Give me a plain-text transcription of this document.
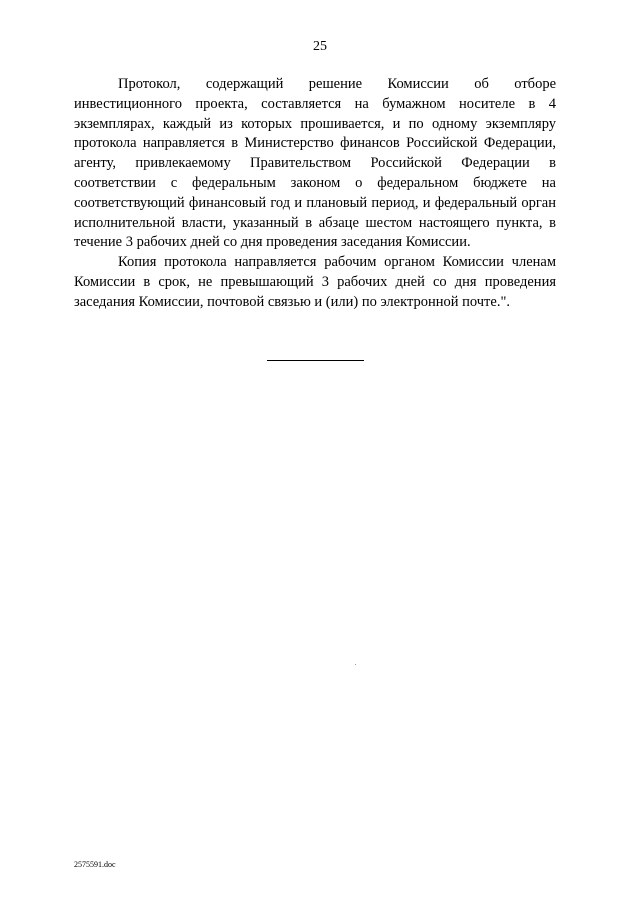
25

Протокол, содержащий решение Комиссии об отборе инвестиционного проекта, составляется на бумажном носителе в 4 экземплярах, каждый из которых прошивается, и по одному экземпляру протокола направляется в Министерство финансов Российской Федерации, агенту, привлекаемому Правительством Российской Федерации в соответствии с федеральным законом о федеральном бюджете на соответствующий финансовый год и плановый период, и федеральный орган исполнительной власти, указанный в абзаце шестом настоящего пункта, в течение 3 рабочих дней со дня проведения заседания Комиссии.

Копия протокола направляется рабочим органом Комиссии членам Комиссии в срок, не превышающий 3 рабочих дней со дня проведения заседания Комиссии, почтовой связью и (или) по электронной почте.".

2575591.doc
